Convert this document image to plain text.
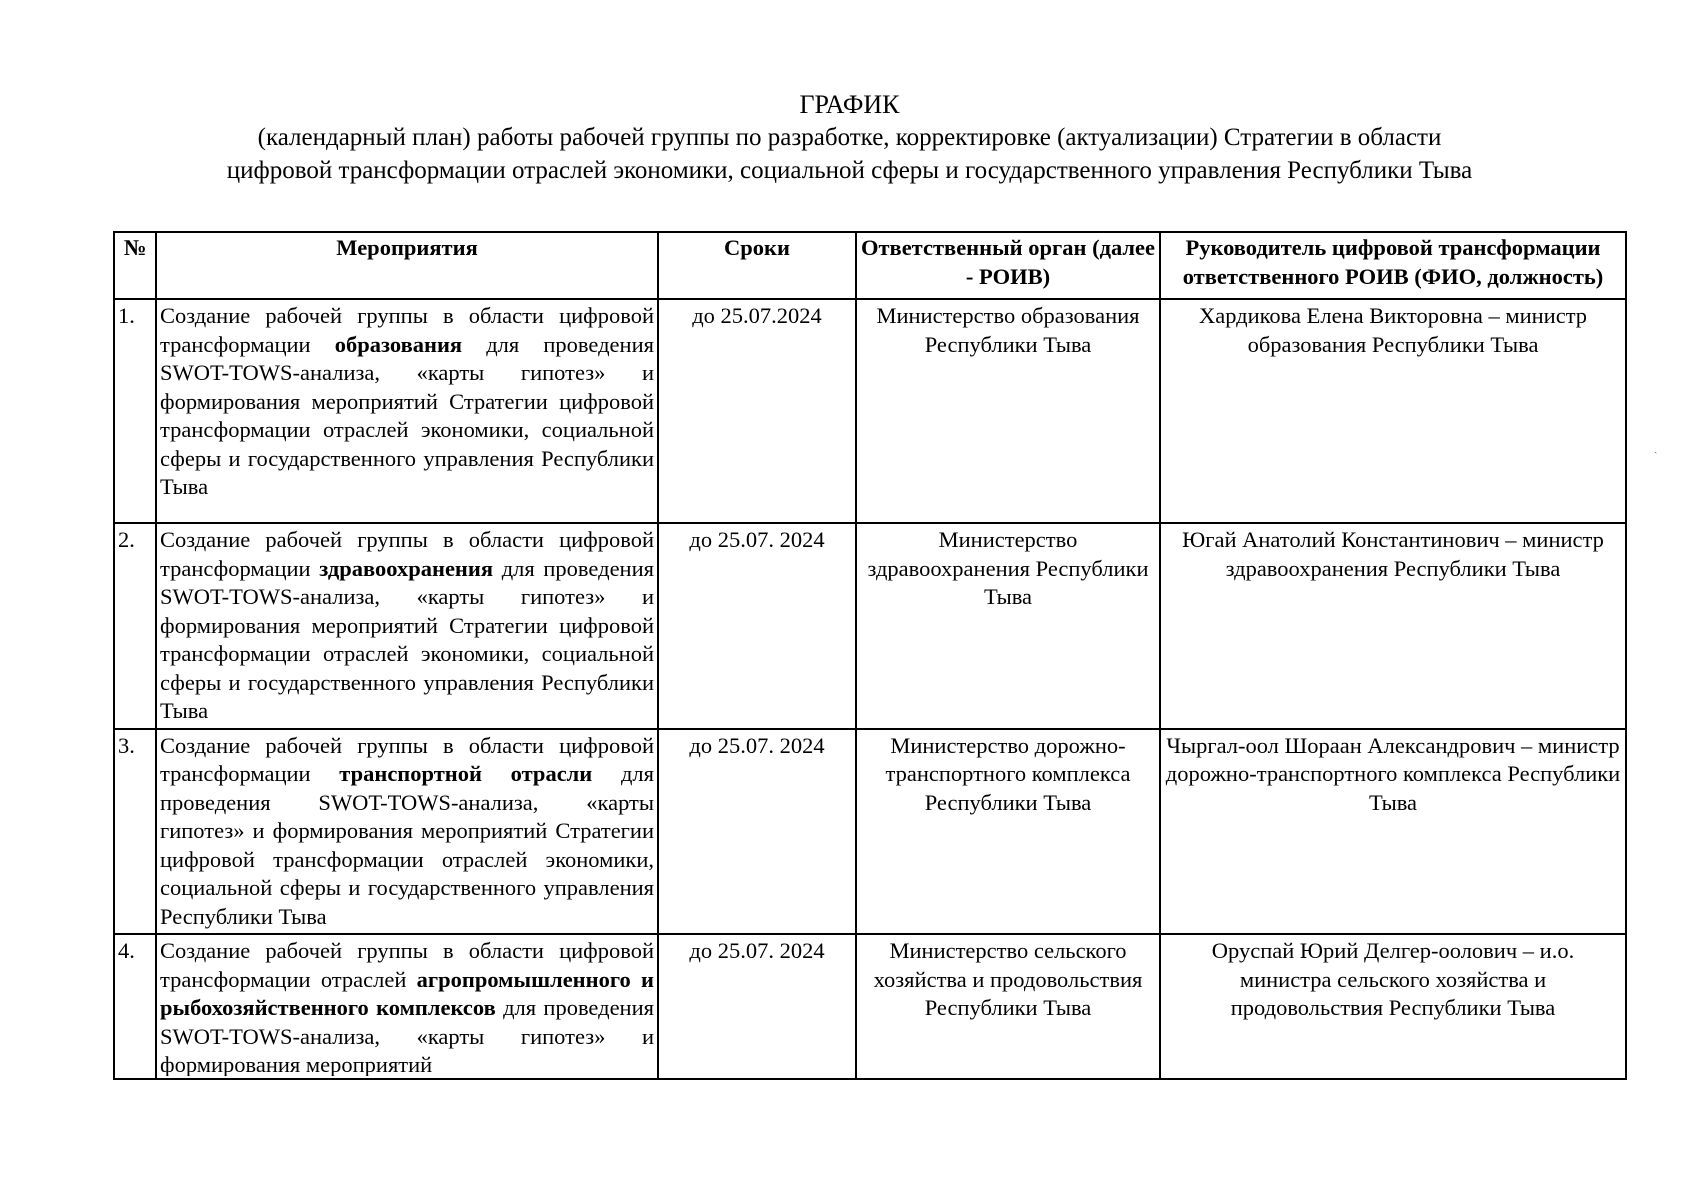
ГРАФИК
(календарный план) работы рабочей группы по разработке, корректировке (актуализации) Стратегии в области
цифровой трансформации отраслей экономики, социальной сферы и государственного управления Республики Тыва
ˎ
№	Мероприятия	Сроки	Ответственный орган (далее - РОИВ)	Руководитель цифровой трансформации ответственного РОИВ (ФИО, должность)
1.	Создание рабочей группы в области цифровой трансформации образования для проведения SWOT-TOWS-анализа, «карты гипотез» и формирования мероприятий Стратегии цифровой трансформации отраслей экономики, социальной сферы и государственного управления Республики Тыва	до 25.07.2024	Министерство образования Республики Тыва	Хардикова Елена Викторовна – министр образования Республики Тыва
2.	Создание рабочей группы в области цифровой трансформации здравоохранения для проведения SWOT-TOWS-анализа, «карты гипотез» и формирования мероприятий Стратегии цифровой трансформации отраслей экономики, социальной сферы и государственного управления Республики Тыва	до 25.07. 2024	Министерство здравоохранения Республики Тыва	Югай Анатолий Константинович – министр здравоохранения Республики Тыва
3.	Создание рабочей группы в области цифровой трансформации транспортной отрасли для проведения SWOT-TOWS-анализа, «карты гипотез» и формирования мероприятий Стратегии цифровой трансформации отраслей экономики, социальной сферы и государственного управления Республики Тыва	до 25.07. 2024	Министерство дорожно-транспортного комплекса Республики Тыва	Чыргал-оол Шораан Александрович – министр дорожно-транспортного комплекса Республики Тыва
4.	Создание рабочей группы в области цифровой трансформации отраслей агропромышленного и рыбохозяйственного комплексов для проведения SWOT-TOWS-анализа, «карты гипотез» и формирования мероприятий	до 25.07. 2024	Министерство сельского хозяйства и продовольствия Республики Тыва	Оруспай Юрий Делгер-оолович – и.о. министра сельского хозяйства и продовольствия Республики Тыва
